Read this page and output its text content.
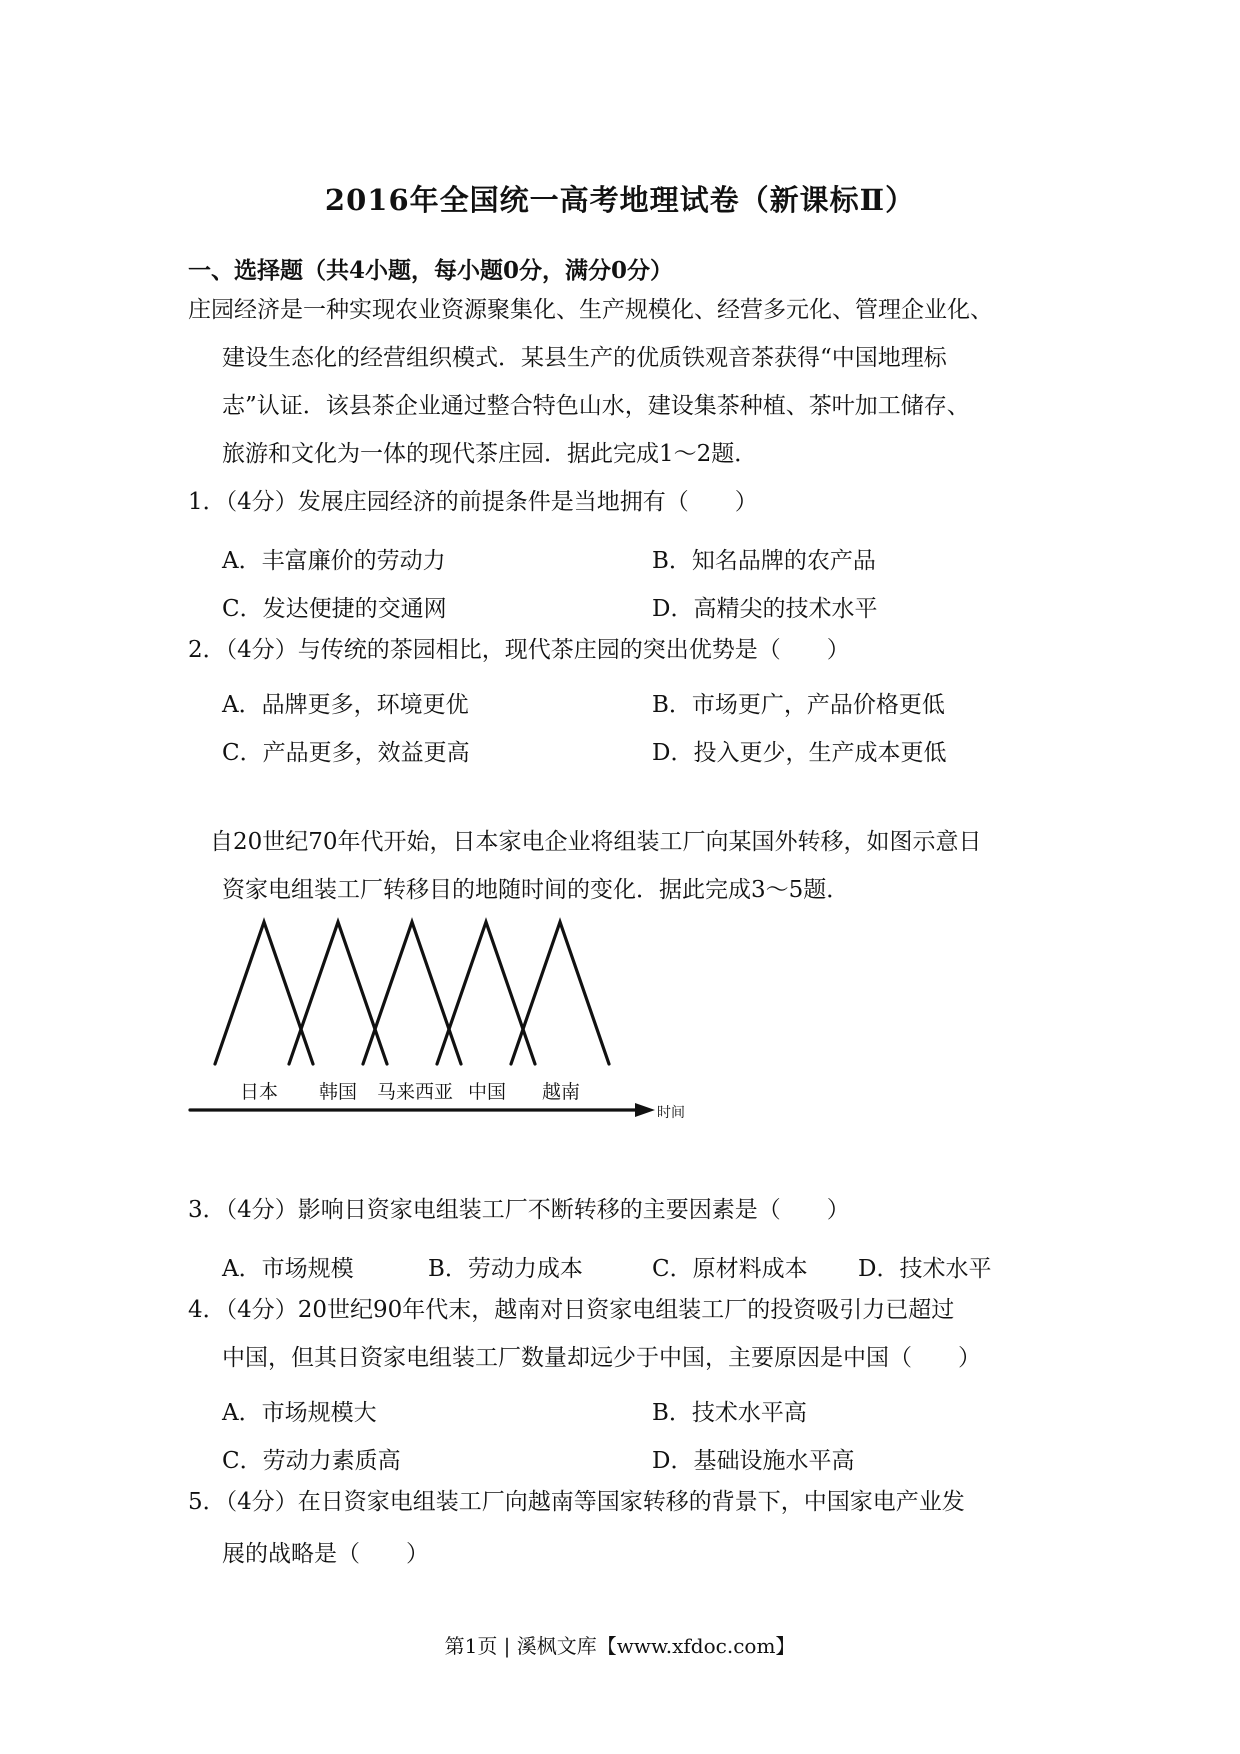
2016年全国统一高考地理试卷（新课标Ⅱ）
一、选择题（共4小题，每小题0分，满分0分）
庄园经济是一种实现农业资源聚集化、生产规模化、经营多元化、管理企业化、
建设生态化的经营组织模式．某县生产的优质铁观音茶获得“中国地理标
志”认证．该县茶企业通过整合特色山水，建设集茶种植、茶叶加工储存、
旅游和文化为一体的现代茶庄园．据此完成1～2题．
1．（4分）发展庄园经济的前提条件是当地拥有（　　）
A．丰富廉价的劳动力	B．知名品牌的农产品
C．发达便捷的交通网	D．高精尖的技术水平
2．（4分）与传统的茶园相比，现代茶庄园的突出优势是（　　）
A．品牌更多，环境更优	B．市场更广，产品价格更低
C．产品更多，效益更高	D．投入更少，生产成本更低
自20世纪70年代开始，日本家电企业将组装工厂向某国外转移，如图示意日
资家电组装工厂转移目的地随时间的变化．据此完成3～5题．
日本 韩国 马来西亚 中国 越南
时间
3．（4分）影响日资家电组装工厂不断转移的主要因素是（　　）
A．市场规模	B．劳动力成本	C．原材料成本 D．技术水平
4．（4分）20世纪90年代末，越南对日资家电组装工厂的投资吸引力已超过
中国，但其日资家电组装工厂数量却远少于中国，主要原因是中国（　　）
A．市场规模大	B．技术水平高
C．劳动力素质高	D．基础设施水平高
5．（4分）在日资家电组装工厂向越南等国家转移的背景下，中国家电产业发
展的战略是（　　）
第1页 | 溪枫文库【www.xfdoc.com】
